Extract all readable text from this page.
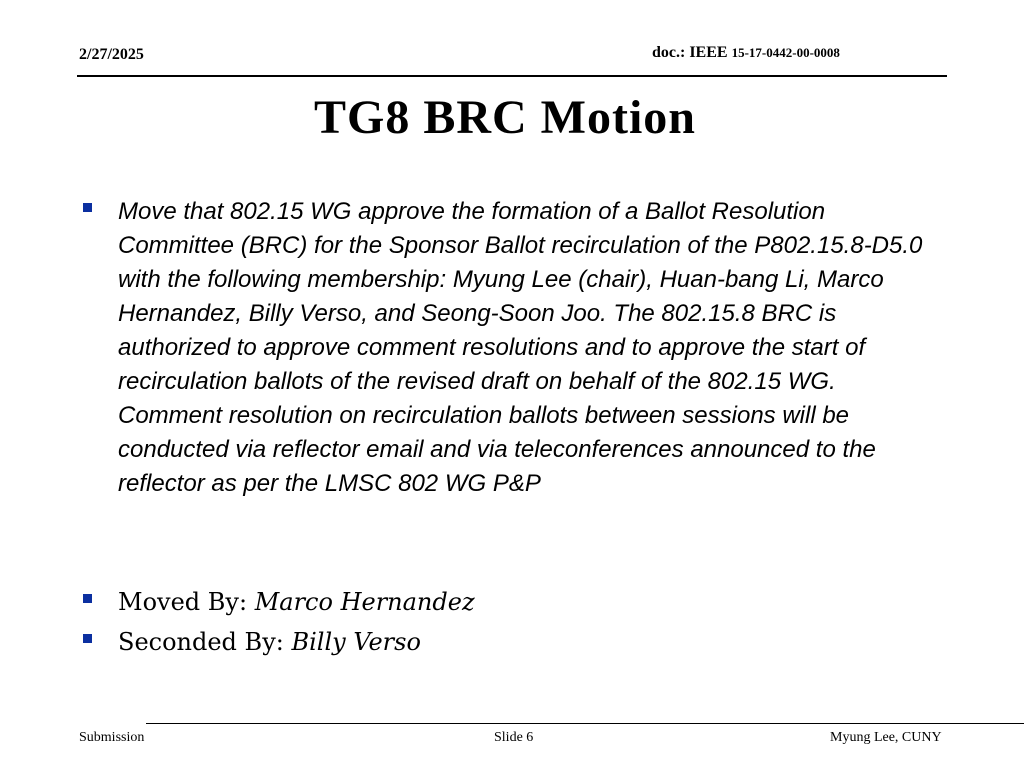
2/27/2025	doc.: IEEE 15-17-0442-00-0008
TG8 BRC Motion
Move that 802.15 WG approve the formation of a Ballot Resolution Committee (BRC) for the Sponsor Ballot recirculation of the P802.15.8-D5.0 with the following membership: Myung Lee (chair), Huan-bang Li, Marco Hernandez, Billy Verso, and Seong-Soon Joo. The 802.15.8 BRC is authorized to approve comment resolutions and to approve the start of recirculation ballots of the revised draft on behalf of the 802.15 WG. Comment resolution on recirculation ballots between sessions will be conducted via reflector email and via teleconferences announced to the reflector as per the LMSC 802 WG P&P
Moved By: Marco Hernandez
Seconded By: Billy Verso
Submission	Slide 6	Myung Lee, CUNY
